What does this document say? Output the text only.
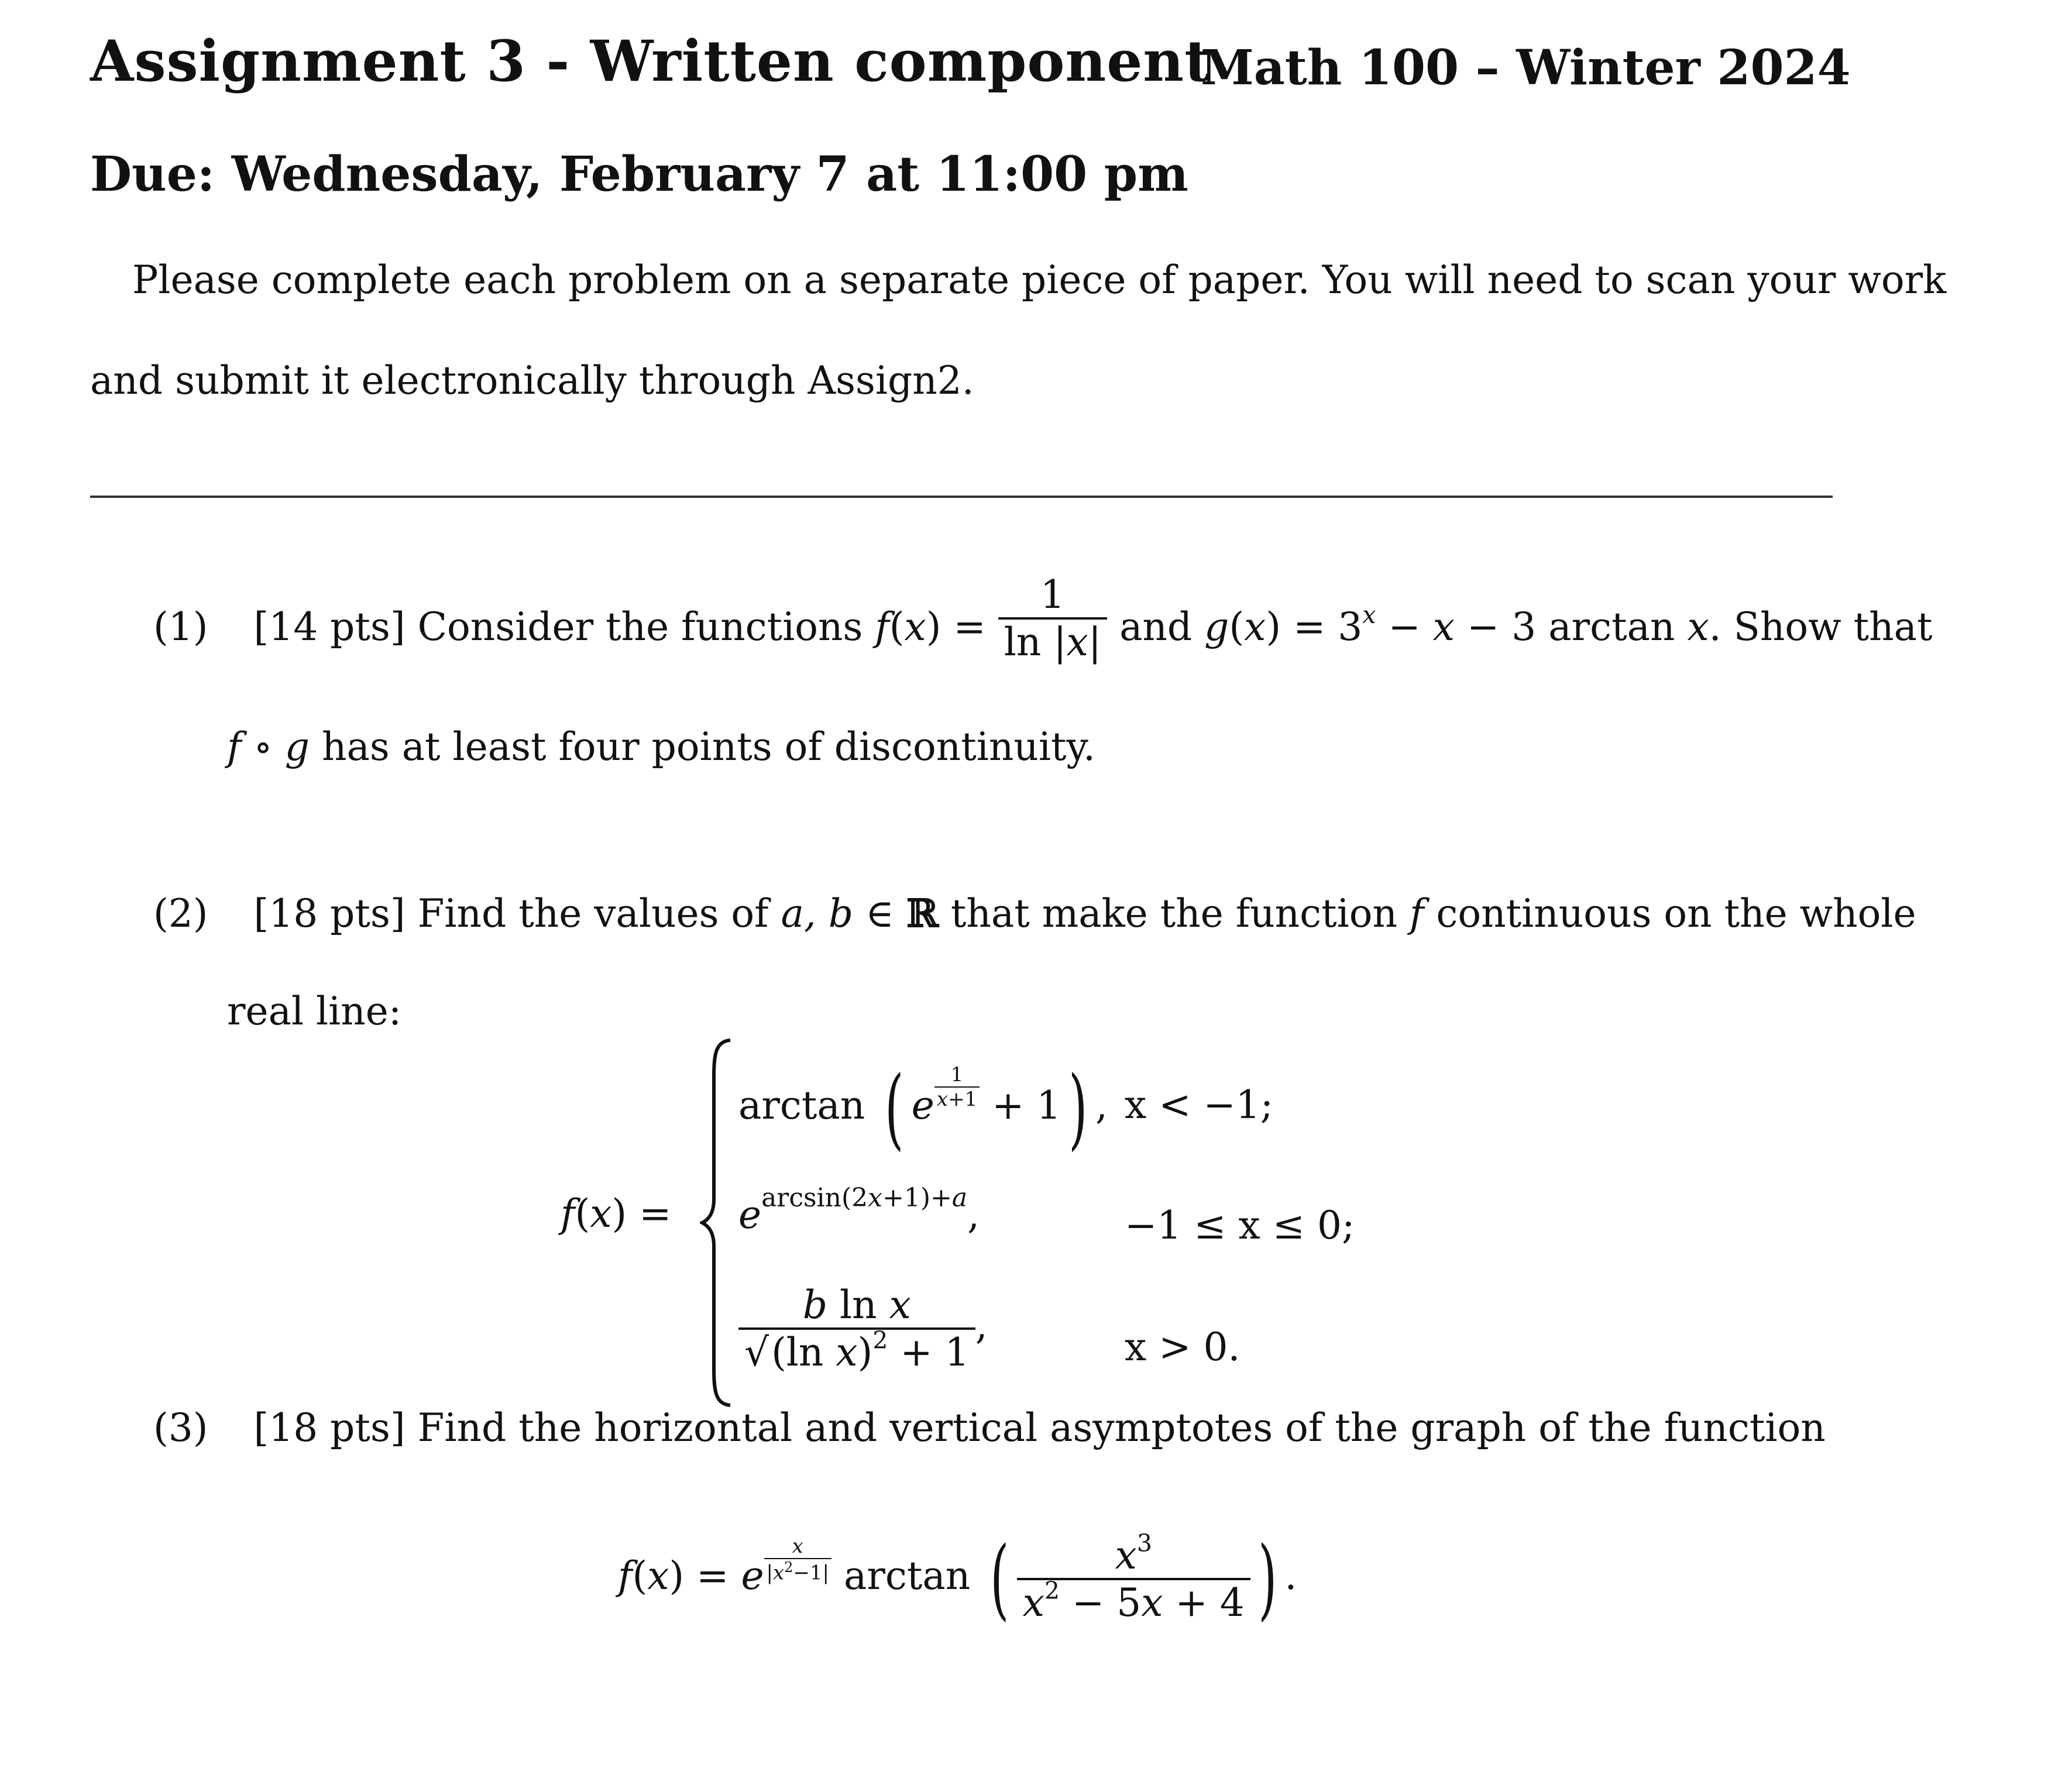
Assignment 3 - Written component
Math 100 – Winter 2024
Due: Wednesday, February 7 at 11:00 pm
Please complete each problem on a separate piece of paper. You will need to scan your work
and submit it electronically through Assign2.
(1) [14 pts] Consider the functions $f(x) = \frac{1}{\ln |x|}$ and $g(x) = 3^x - x - 3$ arctan x. Show that
f ∘ g has at least four points of discontinuity.
(2) [18 pts] Find the values of a, b ∈ ℝ that make the function f continuous on the whole
real line:
f(x) =
arctan ( e $^{\frac{1}{x+1}}$ + 1) , x < −1;
$e^{arcsin(2x+1)+a}$,	−1 ≤ x ≤ 0;
$\frac{\text{b ln x}}{√(\ln x)^2 + 1}$ ,	x > 0.
(3) [18 pts] Find the horizontal and vertical asymptotes of the graph of the function
f(x) = e $^{\frac{x}{|x^2-1|}}$ arctan ( $\frac{x^3}{x^2 - 5x + 4}$ ) .
